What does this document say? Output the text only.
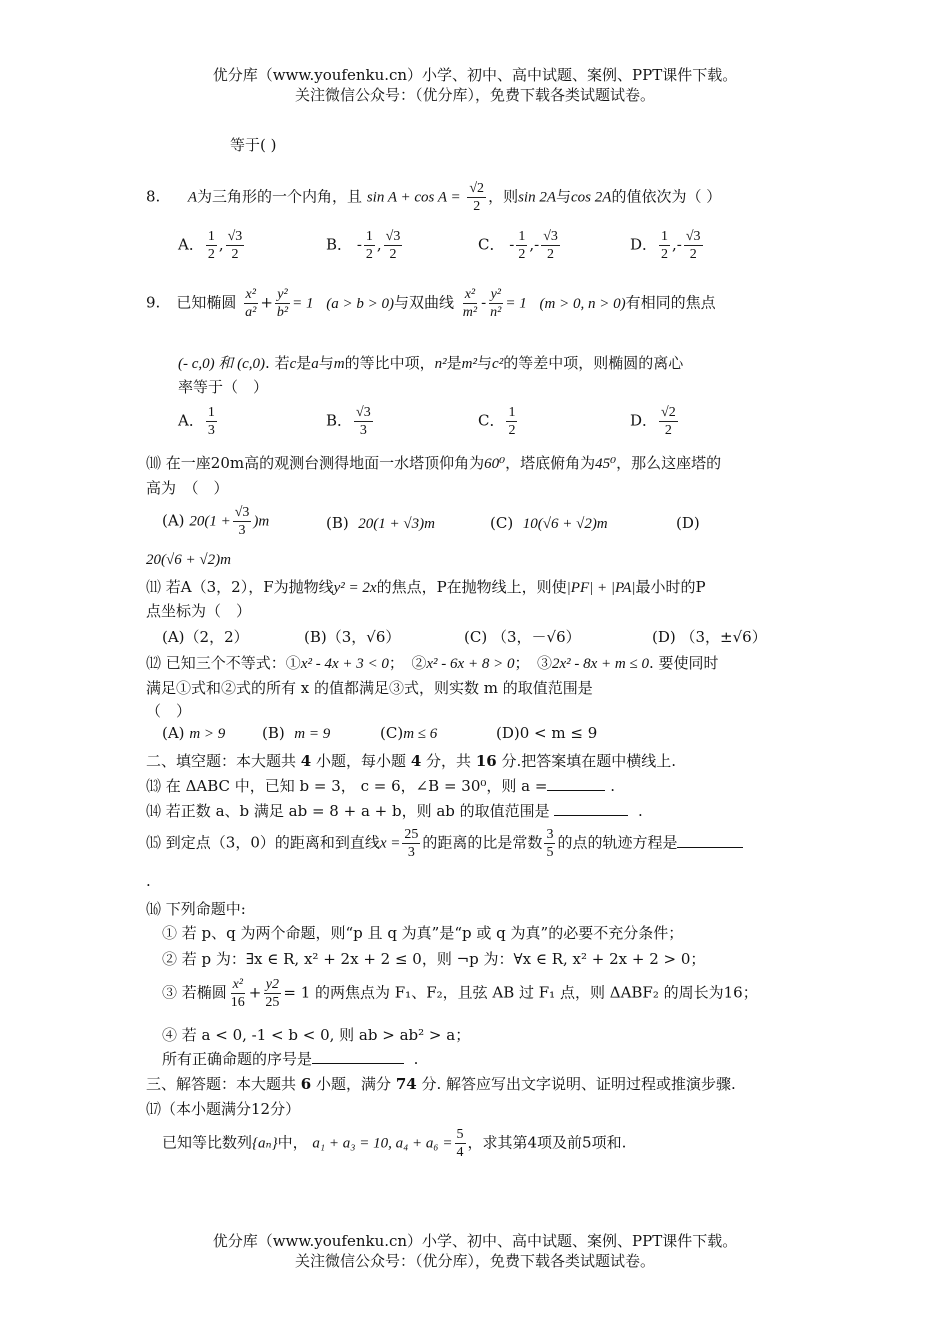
优分库（www.youfenku.cn）小学、初中、高中试题、案例、PPT课件下载。
关注微信公众号：（优分库），免费下载各类试题试卷。
等于( )
8. A为三角形的一个内角，且 $\sin A + \cos A = \frac{√2}{2}$ ，则sin 2A与cos 2A的值依次为（ ）
A． $\frac{1}{2}$ , $\frac{√3}{2}$	B． - $\frac{1}{2}$ , $\frac{√3}{2}$	C． - $\frac{1}{2}$ ,- $\frac{√3}{2}$	D． $\frac{1}{2}$ ,- $\frac{√3}{2}$
9. 已知椭圆 $\frac{\text{x²}}{\text{a²}} + \frac{\text{y²}}{\text{b²}} = 1$ (a > b > 0)与双曲线 $\frac{\text{x²}}{\text{m²}} - \frac{\text{y²}}{\text{n²}} = 1$ (m > 0, n > 0)有相同的焦点
(- c,0) 和 (c,0). 若c是a与m的等比中项，n²是m²与c²的等差中项，则椭圆的离心
率等于（　）
A． $\frac{1}{3}$	B． $\frac{√3}{3}$	C． $\frac{1}{2}$	D． $\frac{√2}{2}$
⑽ 在一座20m高的观测台测得地面一水塔顶仰角为60⁰，塔底俯角为45⁰，那么这座塔的
高为　（　）
(A) $20(1 + \frac{√3}{3} )m$	(B) 20(1 + √3)m	(C) 10(√6 + √2)m	(D)
20(√6 + √2)m
⑾ 若A（3，2），F为抛物线y² = 2x的焦点，P在抛物线上，则使|PF| + |PA|最小时的P
点坐标为（　）
(A)（2，2）	(B)（3，√6）	(C) （3，－√6）	(D) （3，±√6）
⑿ 已知三个不等式：①x² - 4x + 3 < 0；　②x² - 6x + 8 > 0；　③2x² - 8x + m ≤ 0. 要使同时
满足①式和②式的所有 x 的值都满足③式，则实数 m 的取值范围是
（　）
(A) m > 9 (B) m = 9	(C)m ≤ 6	(D)0 < m ≤ 9
二、填空题：本大题共 4 小题，每小题 4 分，共 16 分.把答案填在题中横线上.
⒀ 在 ΔABC 中，已知 b = 3， c = 6，∠B = 30⁰，则 a =	.
⒁ 若正数 a、b 满足 ab = 8 + a + b，则 ab 的取值范围是	.
⒂ 到定点（3，0）的距离和到直线$x = \frac{25}{3}$ 的距离的比是常数 $\frac{3}{5}$ 的点的轨迹方程是
.
⒃ 下列命题中:
① 若 p、q 为两个命题，则“p 且 q 为真”是“p 或 q 为真”的必要不充分条件；
② 若 p 为：∃x ∈ R, x² + 2x + 2 ≤ 0，则 ¬p 为：∀x ∈ R, x² + 2x + 2 > 0；
③ 若椭圆 $\frac{\text{x²}}{16} + \frac{y2}{25} = 1$ 的两焦点为 F₁、F₂，且弦 AB 过 F₁ 点，则 ΔABF₂ 的周长为16；
④ 若 a < 0, -1 < b < 0, 则 ab > ab² > a；
所有正确命题的序号是	.
三、解答题：本大题共 6 小题，满分 74 分. 解答应写出文字说明、证明过程或推演步骤.
⒄（本小题满分12分）
已知等比数列{aₙ}中， a₁ + a₃ = 10, $a_4 + a_6 = \frac{5}{4}$ ，求其第4项及前5项和.
优分库（www.youfenku.cn）小学、初中、高中试题、案例、PPT课件下载。
关注微信公众号：（优分库），免费下载各类试题试卷。
